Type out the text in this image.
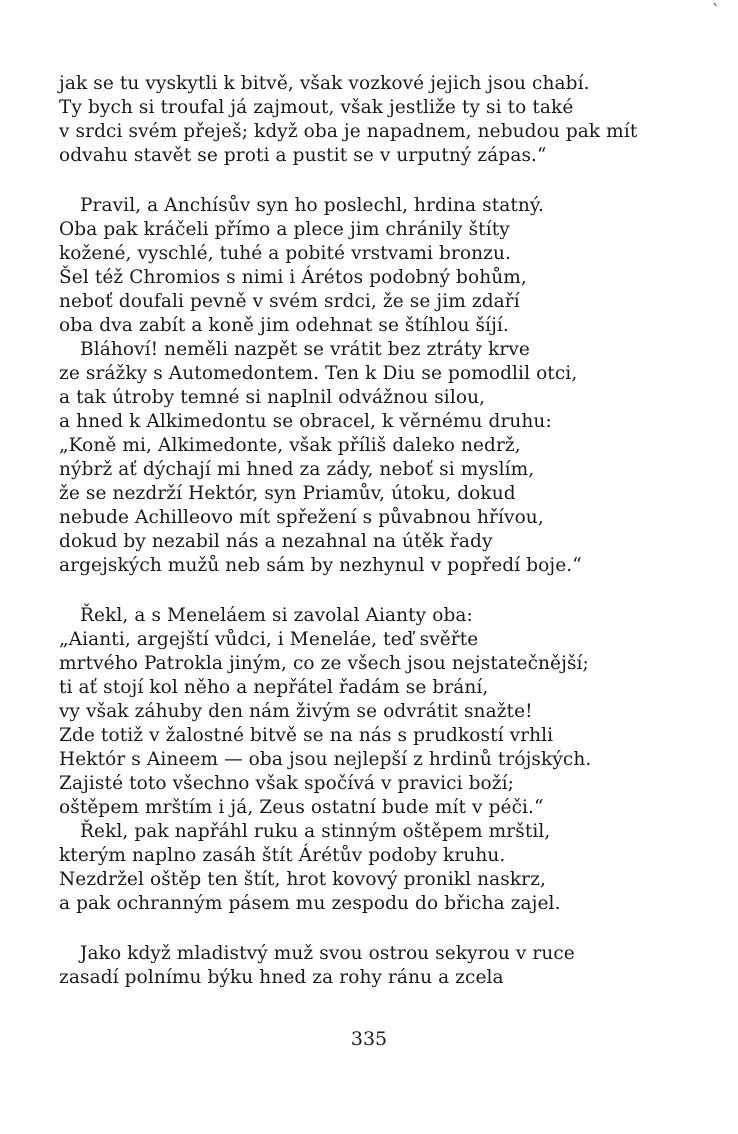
`
jak se tu vyskytli k bitvě, však vozkové jejich jsou chabí.
Ty bych si troufal já zajmout, však jestliže ty si to také
v srdci svém přeješ; když oba je napadnem, nebudou pak mít
odvahu stavět se proti a pustit se v urputný zápas.“
Pravil, a Anchísův syn ho poslechl, hrdina statný.
Oba pak kráčeli přímo a plece jim chránily štíty
kožené, vyschlé, tuhé a pobité vrstvami bronzu.
Šel též Chromios s nimi i Árétos podobný bohům,
neboť doufali pevně v svém srdci, že se jim zdaří
oba dva zabít a koně jim odehnat se štíhlou šíjí.
Bláhoví! neměli nazpět se vrátit bez ztráty krve
ze srážky s Automedontem. Ten k Diu se pomodlil otci,
a tak útroby temné si naplnil odvážnou silou,
a hned k Alkimedontu se obracel, k věrnému druhu:
„Koně mi, Alkimedonte, však příliš daleko nedrž,
nýbrž ať dýchají mi hned za zády, neboť si myslím,
že se nezdrží Hektór, syn Priamův, útoku, dokud
nebude Achilleovo mít spřežení s půvabnou hřívou,
dokud by nezabil nás a nezahnal na útěk řady
argejských mužů neb sám by nezhynul v popředí boje.“
Řekl, a s Meneláem si zavolal Aianty oba:
„Aianti, argejští vůdci, i Meneláe, teď svěřte
mrtvého Patrokla jiným, co ze všech jsou nejstatečnější;
ti ať stojí kol něho a nepřátel řadám se brání,
vy však záhuby den nám živým se odvrátit snažte!
Zde totiž v žalostné bitvě se na nás s prudkostí vrhli
Hektór s Aineem — oba jsou nejlepší z hrdinů trójských.
Zajisté toto všechno však spočívá v pravici boží;
oštěpem mrštím i já, Zeus ostatní bude mít v péči.“
Řekl, pak napřáhl ruku a stinným oštěpem mrštil,
kterým naplno zasáh štít Árétův podoby kruhu.
Nezdržel oštěp ten štít, hrot kovový pronikl naskrz,
a pak ochranným pásem mu zespodu do břicha zajel.
Jako když mladistvý muž svou ostrou sekyrou v ruce
zasadí polnímu býku hned za rohy ránu a zcela
335
